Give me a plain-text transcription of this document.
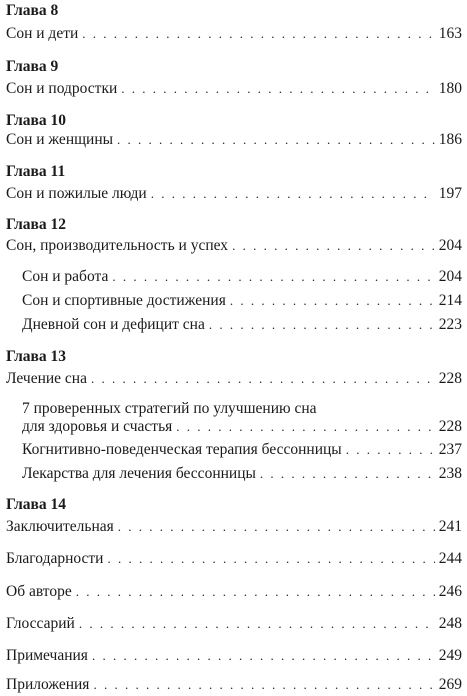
Глава 8
Сон и дети . . .	163
Глава 9
Сон и подростки . . .	180
Глава 10
Сон и женщины . . .	186
Глава 11
Сон и пожилые люди . . .	197
Глава 12
Сон, производительность и успех . . .	204
Сон и работа . . .	204
Сон и спортивные достижения . . .	214
Дневной сон и дефицит сна . . .	223
Глава 13
Лечение сна . . .	228
7 проверенных стратегий по улучшению сна
для здоровья и счастья . . .	228
Когнитивно-поведенческая терапия бессонницы . . .	237
Лекарства для лечения бессонницы . . .	238
Глава 14
Заключительная . . .	241
Благодарности . . .	244
Об авторе . . .	246
Глоссарий . . .	248
Примечания . . .	249
Приложения . . .	269
